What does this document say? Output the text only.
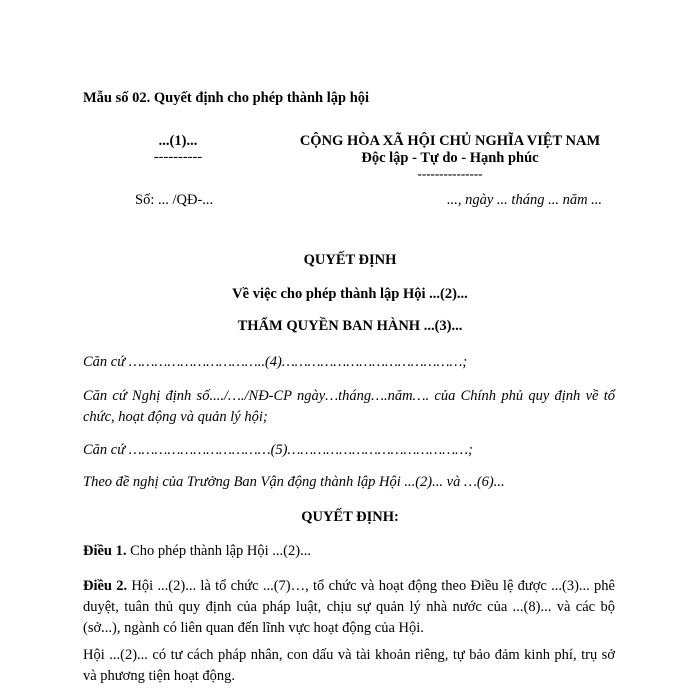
Mẫu số 02. Quyết định cho phép thành lập hội
...(1)...
----------
CỘNG HÒA XÃ HỘI CHỦ NGHĨA VIỆT NAM
Độc lập - Tự do - Hạnh phúc
---------------
Số: ... /QĐ-...	..., ngày ... tháng ... năm ...
QUYẾT ĐỊNH
Về việc cho phép thành lập Hội ...(2)...
THẨM QUYỀN BAN HÀNH ...(3)...
Căn cứ …………………………..(4)……………………………………;
Căn cứ Nghị định số..../…./NĐ-CP ngày…tháng….năm…. của Chính phủ quy định về tổ chức, hoạt động và quản lý hội;
Căn cứ ……………………………(5)……………………………………;
Theo đề nghị của Trưởng Ban Vận động thành lập Hội ...(2)... và …(6)...
QUYẾT ĐỊNH:
Điều 1. Cho phép thành lập Hội ...(2)...
Điều 2. Hội ...(2)... là tổ chức ...(7)…, tổ chức và hoạt động theo Điều lệ được ...(3)... phê duyệt, tuân thủ quy định của pháp luật, chịu sự quản lý nhà nước của ...(8)... và các bộ (sở...), ngành có liên quan đến lĩnh vực hoạt động của Hội.
Hội ...(2)... có tư cách pháp nhân, con dấu và tài khoản riêng, tự bảo đảm kinh phí, trụ sở và phương tiện hoạt động.
